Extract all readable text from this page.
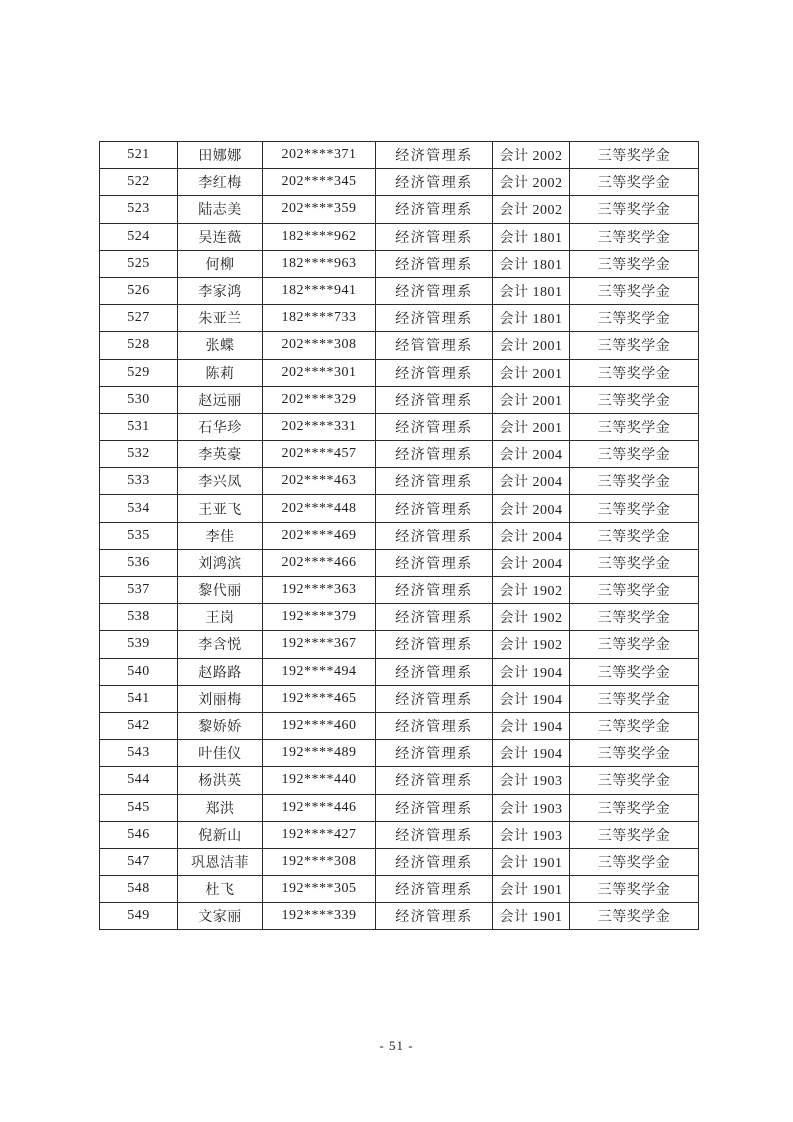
521	田娜娜	202****371	经济管理系	会计 2002	三等奖学金
522	李红梅	202****345	经济管理系	会计 2002	三等奖学金
523	陆志美	202****359	经济管理系	会计 2002	三等奖学金
524	吴连薇	182****962	经济管理系	会计 1801	三等奖学金
525	何柳	182****963	经济管理系	会计 1801	三等奖学金
526	李家鸿	182****941	经济管理系	会计 1801	三等奖学金
527	朱亚兰	182****733	经济管理系	会计 1801	三等奖学金
528	张蝶	202****308	经管管理系	会计 2001	三等奖学金
529	陈莉	202****301	经济管理系	会计 2001	三等奖学金
530	赵远丽	202****329	经济管理系	会计 2001	三等奖学金
531	石华珍	202****331	经济管理系	会计 2001	三等奖学金
532	李英豪	202****457	经济管理系	会计 2004	三等奖学金
533	李兴凤	202****463	经济管理系	会计 2004	三等奖学金
534	王亚飞	202****448	经济管理系	会计 2004	三等奖学金
535	李佳	202****469	经济管理系	会计 2004	三等奖学金
536	刘鸿滨	202****466	经济管理系	会计 2004	三等奖学金
537	黎代丽	192****363	经济管理系	会计 1902	三等奖学金
538	王岗	192****379	经济管理系	会计 1902	三等奖学金
539	李含悦	192****367	经济管理系	会计 1902	三等奖学金
540	赵路路	192****494	经济管理系	会计 1904	三等奖学金
541	刘丽梅	192****465	经济管理系	会计 1904	三等奖学金
542	黎娇娇	192****460	经济管理系	会计 1904	三等奖学金
543	叶佳仪	192****489	经济管理系	会计 1904	三等奖学金
544	杨洪英	192****440	经济管理系	会计 1903	三等奖学金
545	郑洪	192****446	经济管理系	会计 1903	三等奖学金
546	倪新山	192****427	经济管理系	会计 1903	三等奖学金
547	巩恩洁菲	192****308	经济管理系	会计 1901	三等奖学金
548	杜飞	192****305	经济管理系	会计 1901	三等奖学金
549	文家丽	192****339	经济管理系	会计 1901	三等奖学金
- 51 -
